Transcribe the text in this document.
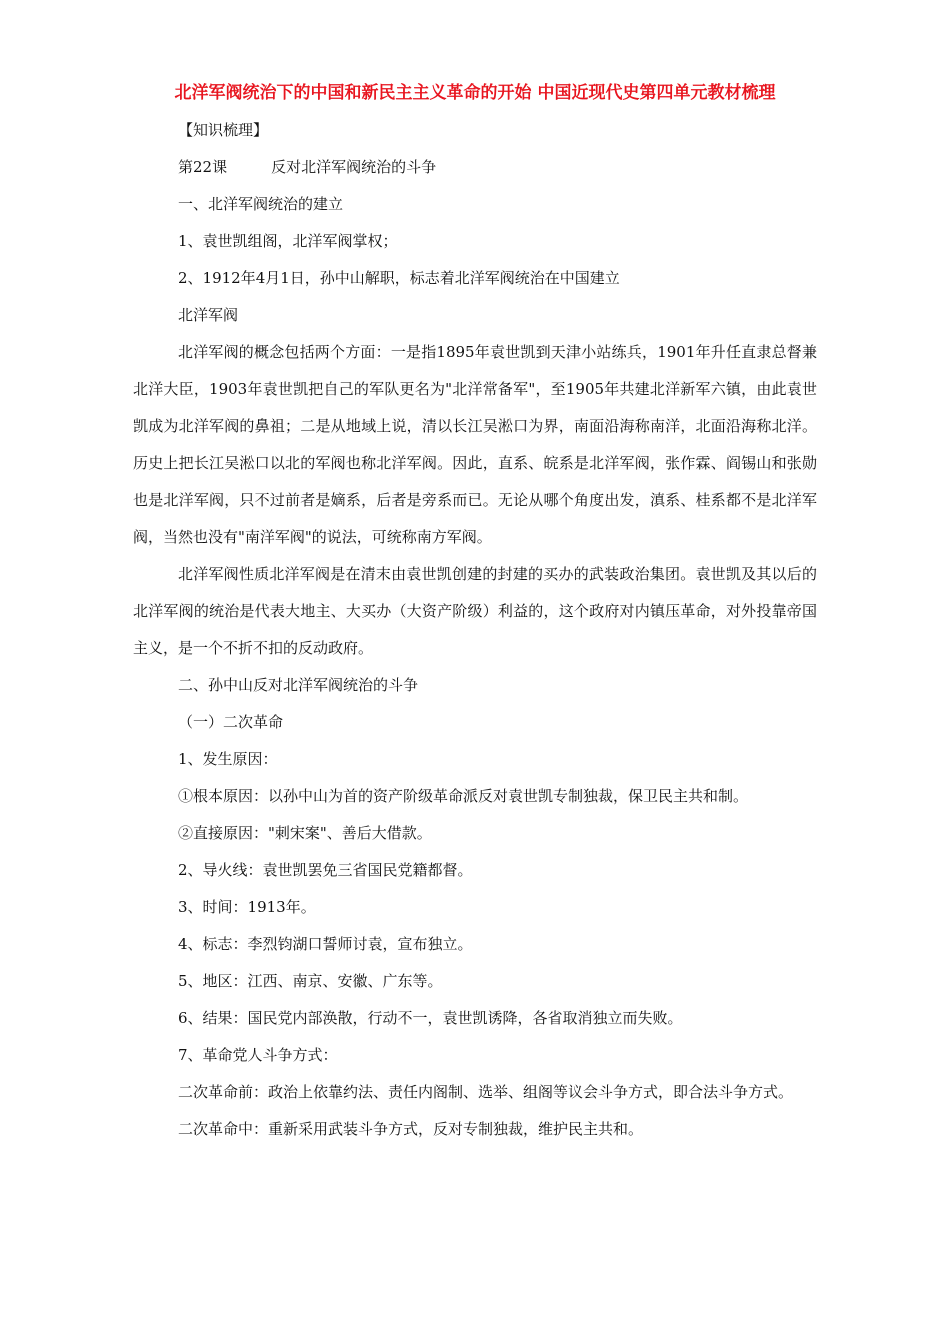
北洋军阀统治下的中国和新民主主义革命的开始 中国近现代史第四单元教材梳理
【知识梳理】
第22课	反对北洋军阀统治的斗争
一、北洋军阀统治的建立
1、袁世凯组阁，北洋军阀掌权；
2、1912年4月1日，孙中山解职，标志着北洋军阀统治在中国建立
北洋军阀

北洋军阀的概念包括两个方面：一是指1895年袁世凯到天津小站练兵，1901年升任直隶总督兼北洋大臣，1903年袁世凯把自己的军队更名为"北洋常备军"，至1905年共建北洋新军六镇，由此袁世凯成为北洋军阀的鼻祖；二是从地域上说，清以长江吴淞口为界，南面沿海称南洋，北面沿海称北洋。历史上把长江吴淞口以北的军阀也称北洋军阀。因此，直系、皖系是北洋军阀，张作霖、阎锡山和张勋也是北洋军阀，只不过前者是嫡系，后者是旁系而已。无论从哪个角度出发，滇系、桂系都不是北洋军阀，当然也没有"南洋军阀"的说法，可统称南方军阀。

北洋军阀性质北洋军阀是在清末由袁世凯创建的封建的买办的武装政治集团。袁世凯及其以后的北洋军阀的统治是代表大地主、大买办（大资产阶级）利益的，这个政府对内镇压革命，对外投靠帝国主义，是一个不折不扣的反动政府。

二、孙中山反对北洋军阀统治的斗争
（一）二次革命
1、发生原因：
①根本原因：以孙中山为首的资产阶级革命派反对袁世凯专制独裁，保卫民主共和制。
②直接原因："刺宋案"、善后大借款。
2、导火线：袁世凯罢免三省国民党籍都督。
3、时间：1913年。
4、标志：李烈钧湖口誓师讨袁，宣布独立。
5、地区：江西、南京、安徽、广东等。
6、结果：国民党内部涣散，行动不一，袁世凯诱降，各省取消独立而失败。
7、革命党人斗争方式：

二次革命前：政治上依靠约法、责任内阁制、选举、组阁等议会斗争方式，即合法斗争方式。

二次革命中：重新采用武装斗争方式，反对专制独裁，维护民主共和。
